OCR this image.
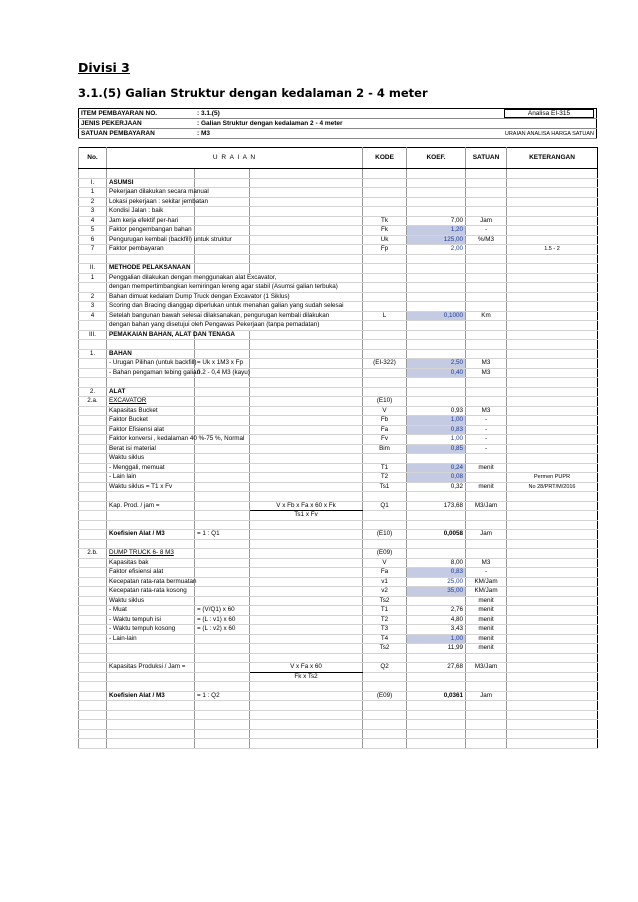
Divisi 3
3.1.(5) Galian Struktur dengan kedalaman 2 - 4 meter
ITEM PEMBAYARAN NO.	: 3.1.(5)	Analisa EI-315
JENIS PEKERJAAN	: Galian Struktur dengan kedalaman 2 - 4 meter	
SATUAN PEMBAYARAN	: M3	URAIAN ANALISA HARGA SATUAN
No.	U R A I A N			KODE	KOEF.	SATUAN	KETERANGAN

I.	ASUMSI						
1	Pekerjaan dilakukan secara manual						
2	Lokasi pekerjaan : sekitar jembatan						
3	Kondisi Jalan : baik						
4	Jam kerja efektif per-hari			Tk	7,00	Jam	
5	Faktor pengembangan bahan			Fk	1,20	-	
6	Pengurugan kembali (backfill) untuk struktur			Uk	125,00	%/M3	
7	Faktor pembayaran			Fp	2,00		1.5 - 2

II.	METHODE PELAKSANAAN						
1	Penggalian dilakukan dengan menggunakan alat Excavator,						
	dengan mempertimbangkan kemiringan lereng agar stabil (Asumsi galian terbuka)						
2	Bahan dimuat kedalam Dump Truck dengan Excavator (1 Siklus)						
3	Scoring dan Bracing dianggap diperlukan untuk menahan galian yang sudah selesai						
4	Setelah bangunan bawah selesai dilaksanakan, pengurugan kembali dilakukan			L	0,1000	Km	
	dengan bahan yang disetujui oleh Pengawas Pekerjaan (tanpa pemadatan)						
III.	PEMAKAIAN BAHAN, ALAT DAN TENAGA						

1.	BAHAN						
	- Urugan Pilihan (untuk backfill)	= Uk x 1M3 x Fp		(EI-322)	2,50	M3	
	- Bahan pengaman tebing galian	0.2 - 0,4 M3 (kayu)			0,40	M3	

2.	ALAT						
2.a.	EXCAVATOR			(E10)			
	Kapasitas Bucket			V	0,93	M3	
	Faktor Bucket			Fb	1,00	-	
	Faktor Efisiensi alat			Fa	0,83	-	
	Faktor konversi , kedalaman 40 %-75 %, Normal			Fv	1,00	-	
	Berat isi material			Bim	0,85	-	
	Waktu siklus						
	- Menggali, memuat			T1	0,24	menit	
	- Lain lain			T2	0,08		Permen PUPR
	Waktu siklus = T1 x Fv			Ts1	0,32	menit	No 28/PRT/M/2016

	Kap. Prod. / jam =		V x Fb x Fa x 60 x Fk	Q1	173,68	M3/Jam	
			Ts1 x Fv				

	Koefisien Alat / M3	= 1 : Q1		(E10)	0,0058	Jam	

2.b.	DUMP TRUCK 6- 8 M3			(E09)			
	Kapasitas bak			V	8,00	M3	
	Faktor efisiensi alat			Fa	0,83	-	
	Kecepatan rata-rata bermuatan			v1	25,00	KM/Jam	
	Kecepatan rata-rata kosong			v2	35,00	KM/Jam	
	Waktu siklus			Ts2		menit	
	- Muat	= (V/Q1) x 60		T1	2,76	menit	
	- Waktu tempuh isi	= (L : v1) x 60		T2	4,80	menit	
	- Waktu tempuh kosong	= (L : v2) x 60		T3	3,43	menit	
	- Lain-lain			T4	1,00	menit	
				Ts2	11,99	menit	

	Kapasitas Produksi / Jam =		V x Fa x 60	Q2	27,68	M3/Jam	
			Fk x Ts2				

	Koefisien Alat / M3	= 1 : Q2		(E09)	0,0361	Jam	
